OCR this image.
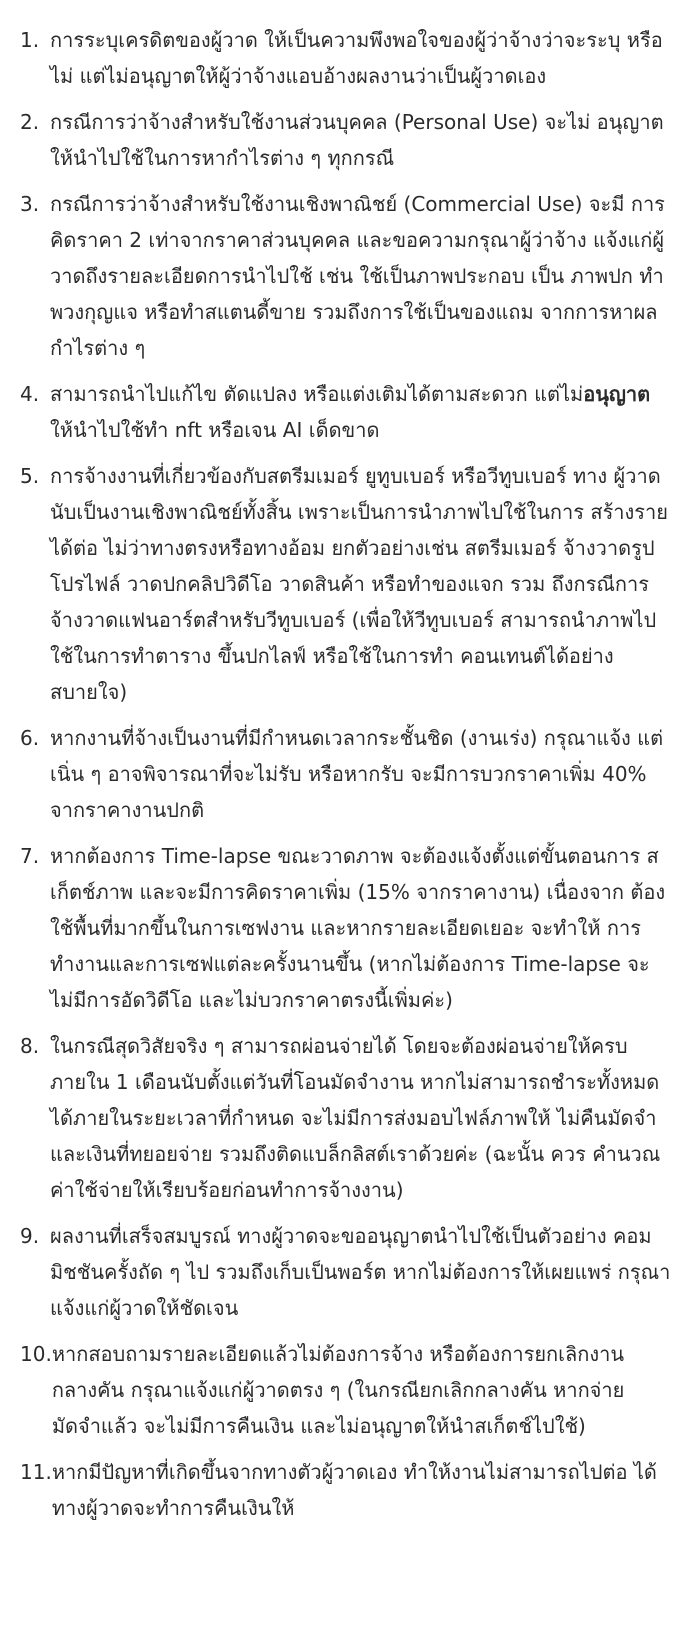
1. การระบุเครดิตของผู้วาด ให้เป็นความพึงพอใจของผู้ว่าจ้างว่าจะระบุ หรือไม่ แต่ไม่อนุญาตให้ผู้ว่าจ้างแอบอ้างผลงานว่าเป็นผู้วาดเอง
2. กรณีการว่าจ้างสำหรับใช้งานส่วนบุคคล (Personal Use) จะไม่ อนุญาตให้นำไปใช้ในการหากำไรต่าง ๆ ทุกกรณี
3. กรณีการว่าจ้างสำหรับใช้งานเชิงพาณิชย์ (Commercial Use) จะมี การคิดราคา 2 เท่าจากราคาส่วนบุคคล และขอความกรุณาผู้ว่าจ้าง แจ้งแก่ผู้วาดถึงรายละเอียดการนำไปใช้ เช่น ใช้เป็นภาพประกอบ เป็น ภาพปก ทำพวงกุญแจ หรือทำสแตนดี้ขาย รวมถึงการใช้เป็นของแถม จากการหาผลกำไรต่าง ๆ
4. สามารถนำไปแก้ไข ตัดแปลง หรือแต่งเติมได้ตามสะดวก แต่ไม่อนุญาต ให้นำไปใช้ทำ nft หรือเจน AI เด็ดขาด
5. การจ้างงานที่เกี่ยวข้องกับสตรีมเมอร์ ยูทูบเบอร์ หรือวีทูบเบอร์ ทาง ผู้วาดนับเป็นงานเชิงพาณิชย์ทั้งสิ้น เพราะเป็นการนำภาพไปใช้ในการ สร้างรายได้ต่อ ไม่ว่าทางตรงหรือทางอ้อม ยกตัวอย่างเช่น สตรีมเมอร์ จ้างวาดรูปโปรไฟล์ วาดปกคลิปวิดีโอ วาดสินค้า หรือทำของแจก รวม ถึงกรณีการจ้างวาดแฟนอาร์ตสำหรับวีทูบเบอร์ (เพื่อให้วีทูบเบอร์ สามารถนำภาพไปใช้ในการทำตาราง ขึ้นปกไลฟ์ หรือใช้ในการทำ คอนเทนต์ได้อย่างสบายใจ)
6. หากงานที่จ้างเป็นงานที่มีกำหนดเวลากระชั้นชิด (งานเร่ง) กรุณาแจ้ง แต่เนิ่น ๆ อาจพิจารณาที่จะไม่รับ หรือหากรับ จะมีการบวกราคาเพิ่ม 40% จากราคางานปกติ
7. หากต้องการ Time-lapse ขณะวาดภาพ จะต้องแจ้งตั้งแต่ขั้นตอนการ สเก็ตช์ภาพ และจะมีการคิดราคาเพิ่ม (15% จากราคางาน) เนื่องจาก ต้องใช้พื้นที่มากขึ้นในการเซฟงาน และหากรายละเอียดเยอะ จะทำให้ การทำงานและการเซฟแต่ละครั้งนานขึ้น (หากไม่ต้องการ Time-lapse จะไม่มีการอัดวิดีโอ และไม่บวกราคาตรงนี้เพิ่มค่ะ)
8. ในกรณีสุดวิสัยจริง ๆ สามารถผ่อนจ่ายได้ โดยจะต้องผ่อนจ่ายให้ครบ ภายใน 1 เดือนนับตั้งแต่วันที่โอนมัดจำงาน หากไม่สามารถชำระทั้งหมด ได้ภายในระยะเวลาที่กำหนด จะไม่มีการส่งมอบไฟล์ภาพให้ ไม่คืนมัดจำ และเงินที่ทยอยจ่าย รวมถึงติดแบล็กลิสต์เราด้วยค่ะ (ฉะนั้น ควร คำนวณค่าใช้จ่ายให้เรียบร้อยก่อนทำการจ้างงาน)
9. ผลงานที่เสร็จสมบูรณ์ ทางผู้วาดจะขออนุญาตนำไปใช้เป็นตัวอย่าง คอมมิชชันครั้งถัด ๆ ไป รวมถึงเก็บเป็นพอร์ต หากไม่ต้องการให้เผยแพร่ กรุณาแจ้งแก่ผู้วาดให้ชัดเจน
10. หากสอบถามรายละเอียดแล้วไม่ต้องการจ้าง หรือต้องการยกเลิกงาน กลางคัน กรุณาแจ้งแก่ผู้วาดตรง ๆ (ในกรณียกเลิกกลางคัน หากจ่าย มัดจำแล้ว จะไม่มีการคืนเงิน และไม่อนุญาตให้นำสเก็ตช์ไปใช้)
11. หากมีปัญหาที่เกิดขึ้นจากทางตัวผู้วาดเอง ทำให้งานไม่สามารถไปต่อ ได้ ทางผู้วาดจะทำการคืนเงินให้
